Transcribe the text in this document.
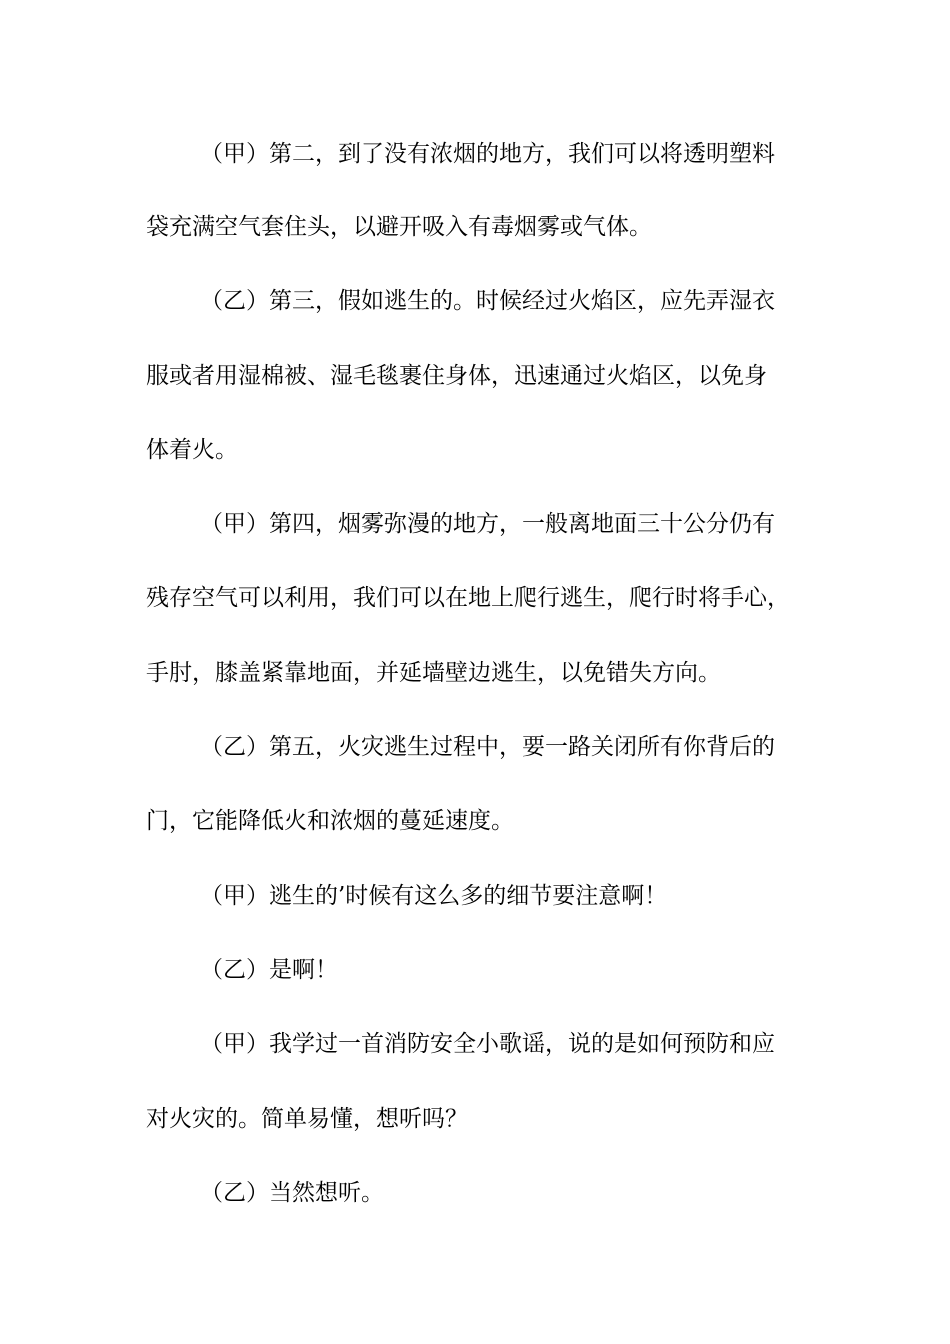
（甲）第二，到了没有浓烟的地方，我们可以将透明塑料
袋充满空气套住头，以避开吸入有毒烟雾或气体。
（乙）第三，假如逃生的。时候经过火焰区，应先弄湿衣
服或者用湿棉被、湿毛毯裹住身体，迅速通过火焰区，以免身
体着火。
（甲）第四，烟雾弥漫的地方，一般离地面三十公分仍有
残存空气可以利用，我们可以在地上爬行逃生，爬行时将手心，
手肘，膝盖紧靠地面，并延墙壁边逃生，以免错失方向。
（乙）第五，火灾逃生过程中，要一路关闭所有你背后的
门，它能降低火和浓烟的蔓延速度。
（甲）逃生的’时候有这么多的细节要注意啊！
（乙）是啊！
（甲）我学过一首消防安全小歌谣，说的是如何预防和应
对火灾的。简单易懂，想听吗？
（乙）当然想听。
